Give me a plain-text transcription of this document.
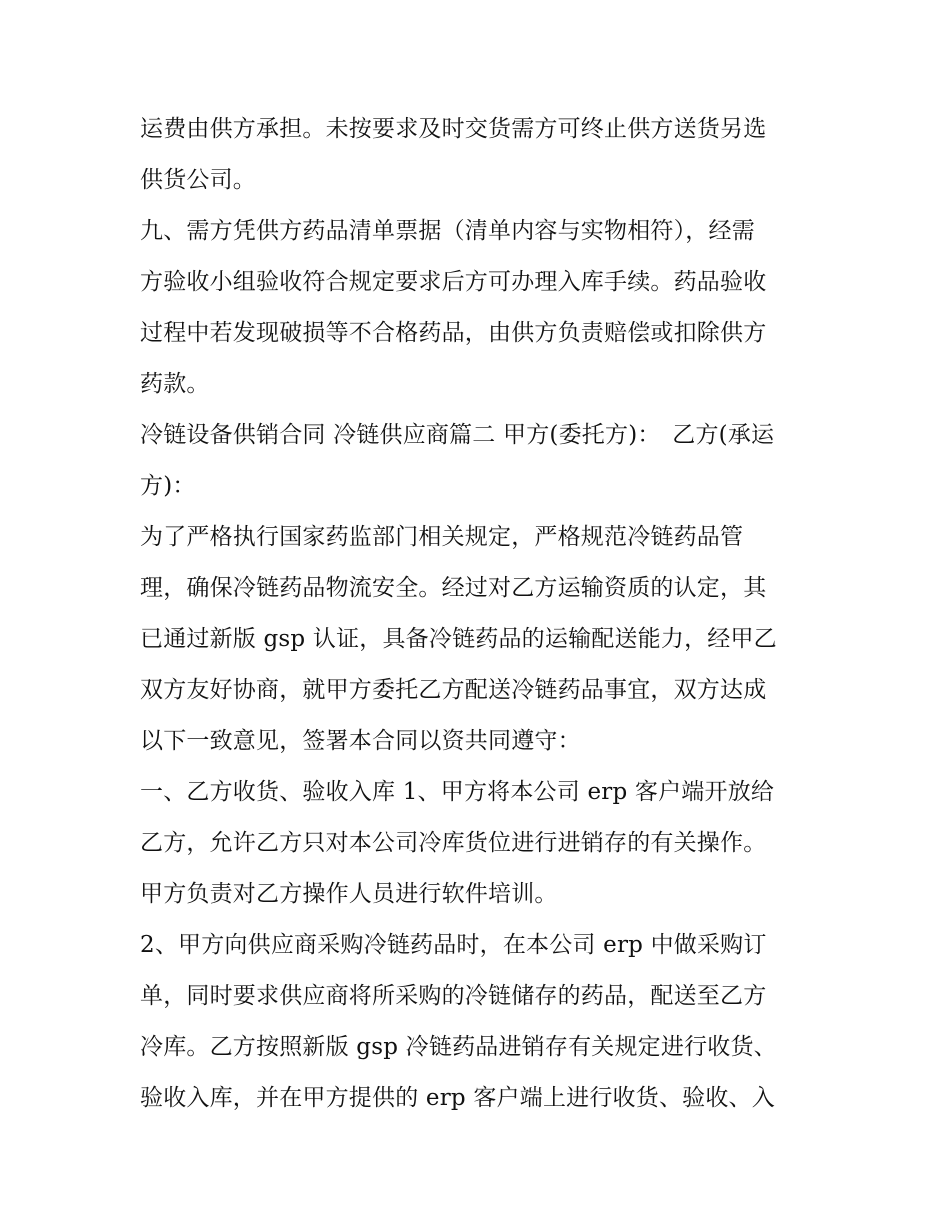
运费由供方承担。未按要求及时交货需方可终止供方送货另选
供货公司。
九、需方凭供方药品清单票据（清单内容与实物相符），经需
方验收小组验收符合规定要求后方可办理入库手续。药品验收
过程中若发现破损等不合格药品，由供方负责赔偿或扣除供方
药款。
冷链设备供销合同 冷链供应商篇二 甲方(委托方)：　乙方(承运
方)：
为了严格执行国家药监部门相关规定，严格规范冷链药品管
理，确保冷链药品物流安全。经过对乙方运输资质的认定，其
已通过新版 gsp 认证，具备冷链药品的运输配送能力，经甲乙
双方友好协商，就甲方委托乙方配送冷链药品事宜，双方达成
以下一致意见，签署本合同以资共同遵守：
一、乙方收货、验收入库 1、甲方将本公司 erp 客户端开放给
乙方，允许乙方只对本公司冷库货位进行进销存的有关操作。
甲方负责对乙方操作人员进行软件培训。
2、甲方向供应商采购冷链药品时，在本公司 erp 中做采购订
单，同时要求供应商将所采购的冷链储存的药品，配送至乙方
冷库。乙方按照新版 gsp 冷链药品进销存有关规定进行收货、
验收入库，并在甲方提供的 erp 客户端上进行收货、验收、入
